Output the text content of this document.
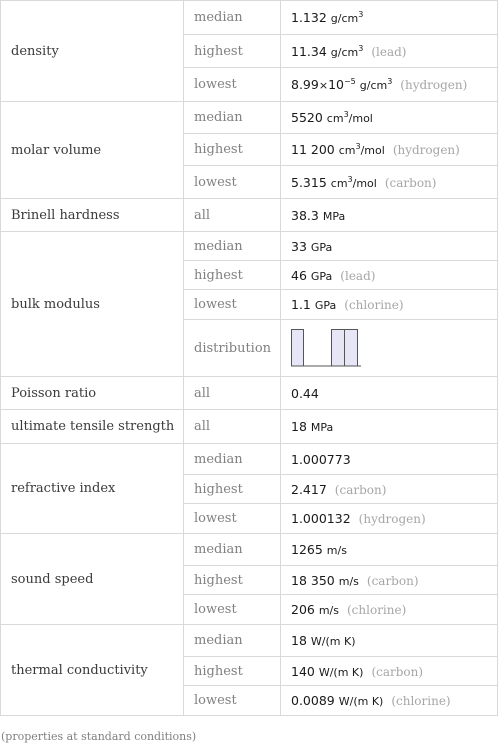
density	median	1.132 $g/cm^3$
	highest	11.34 $g/cm^3$ (lead)
	lowest	$8.99\times 10^{-5}$ $g/cm^3$ (hydrogen)
molar volume	median	5520 $cm^3$/mol
	highest	11 200 $cm^3$/mol (hydrogen)
	lowest	5.315 $cm^3$/mol (carbon)
Brinell hardness	all	38.3 MPa
bulk modulus	median	33 GPa
	highest	46 GPa (lead)
	lowest	1.1 GPa (chlorine)
	distribution	

Poisson ratio	all	0.44
ultimate tensile strength	all	18 MPa
refractive index	median	1.000773
	highest	2.417 (carbon)
	lowest	1.000132 (hydrogen)
sound speed	median	1265 m/s
	highest	18 350 m/s (carbon)
	lowest	206 m/s (chlorine)
thermal conductivity	median	18 W/(m K)
	highest	140 W/(m K) (carbon)
	lowest	0.0089 W/(m K) (chlorine)
(properties at standard conditions)
